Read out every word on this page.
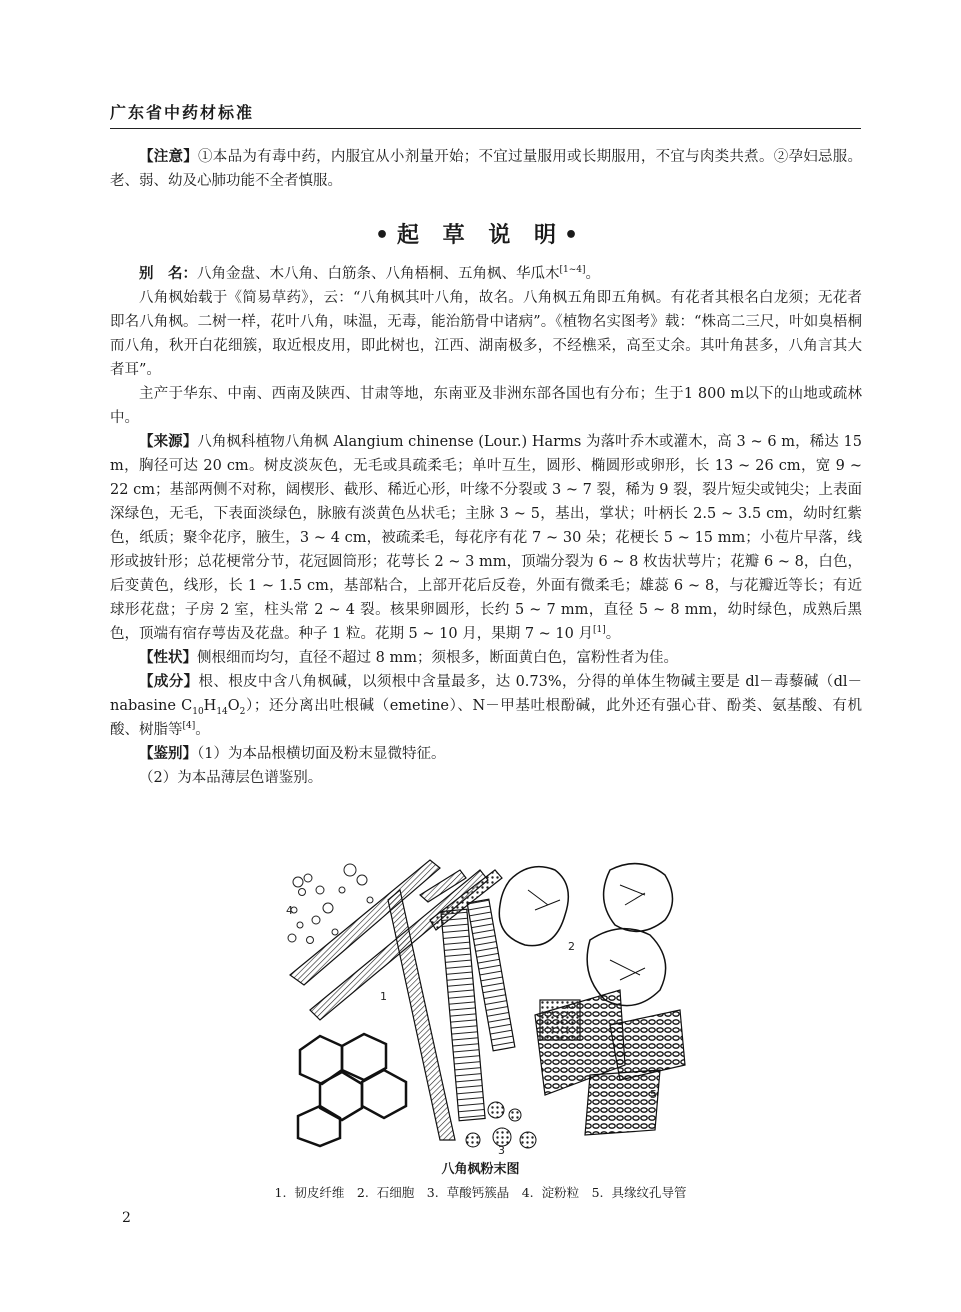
广东省中药材标准

【注意】①本品为有毒中药，内服宜从小剂量开始；不宜过量服用或长期服用，不宜与肉类共煮。②孕妇忌服。老、弱、幼及心肺功能不全者慎服。

•起 草 说 明•

别　名：八角金盘、木八角、白筋条、八角梧桐、五角枫、华瓜木[1~4]。

八角枫始载于《简易草药》，云：“八角枫其叶八角，故名。八角枫五角即五角枫。有花者其根名白龙须；无花者即名八角枫。二树一样，花叶八角，味温，无毒，能治筋骨中诸病”。《植物名实图考》载：“株高二三尺，叶如臭梧桐而八角，秋开白花细簇，取近根皮用，即此树也，江西、湖南极多，不经樵采，高至丈余。其叶角甚多，八角言其大者耳”。

主产于华东、中南、西南及陕西、甘肃等地，东南亚及非洲东部各国也有分布；生于1 800 m以下的山地或疏林中。

【来源】八角枫科植物八角枫 Alangium chinense (Lour.) Harms 为落叶乔木或灌木，高 3 ~ 6 m，稀达 15 m，胸径可达 20 cm。树皮淡灰色，无毛或具疏柔毛；单叶互生，圆形、椭圆形或卵形，长 13 ~ 26 cm，宽 9 ~ 22 cm；基部两侧不对称，阔楔形、截形、稀近心形，叶缘不分裂或 3 ~ 7 裂，稀为 9 裂，裂片短尖或钝尖；上表面深绿色，无毛，下表面淡绿色，脉腋有淡黄色丛状毛；主脉 3 ~ 5，基出，掌状；叶柄长 2.5 ~ 3.5 cm，幼时红紫色，纸质；聚伞花序，腋生，3 ~ 4 cm，被疏柔毛，每花序有花 7 ~ 30 朵；花梗长 5 ~ 15 mm；小苞片早落，线形或披针形；总花梗常分节，花冠圆筒形；花萼长 2 ~ 3 mm，顶端分裂为 6 ~ 8 枚齿状萼片；花瓣 6 ~ 8，白色，后变黄色，线形，长 1 ~ 1.5 cm，基部粘合，上部开花后反卷，外面有微柔毛；雄蕊 6 ~ 8，与花瓣近等长；有近球形花盘；子房 2 室，柱头常 2 ~ 4 裂。核果卵圆形，长约 5 ~ 7 mm，直径 5 ~ 8 mm，幼时绿色，成熟后黑色，顶端有宿存萼齿及花盘。种子 1 粒。花期 5 ~ 10 月，果期 7 ~ 10 月[1]。

【性状】侧根细而均匀，直径不超过 8 mm；须根多，断面黄白色，富粉性者为佳。

【成分】根、根皮中含八角枫碱，以须根中含量最多，达 0.73%，分得的单体生物碱主要是 dl－毒藜碱（dl－nabasine $C_{10}H_{14}O_2$）；还分离出吐根碱（emetine）、N－甲基吐根酚碱，此外还有强心苷、酚类、氨基酸、有机酸、树脂等[4]。

【鉴别】（1）为本品根横切面及粉末显微特征。

（2）为本品薄层色谱鉴别。

4
1
5
2
3
八角枫粉末图
1. 韧皮纤维　2. 石细胞　3. 草酸钙簇晶　4. 淀粉粒　5. 具缘纹孔导管
2
